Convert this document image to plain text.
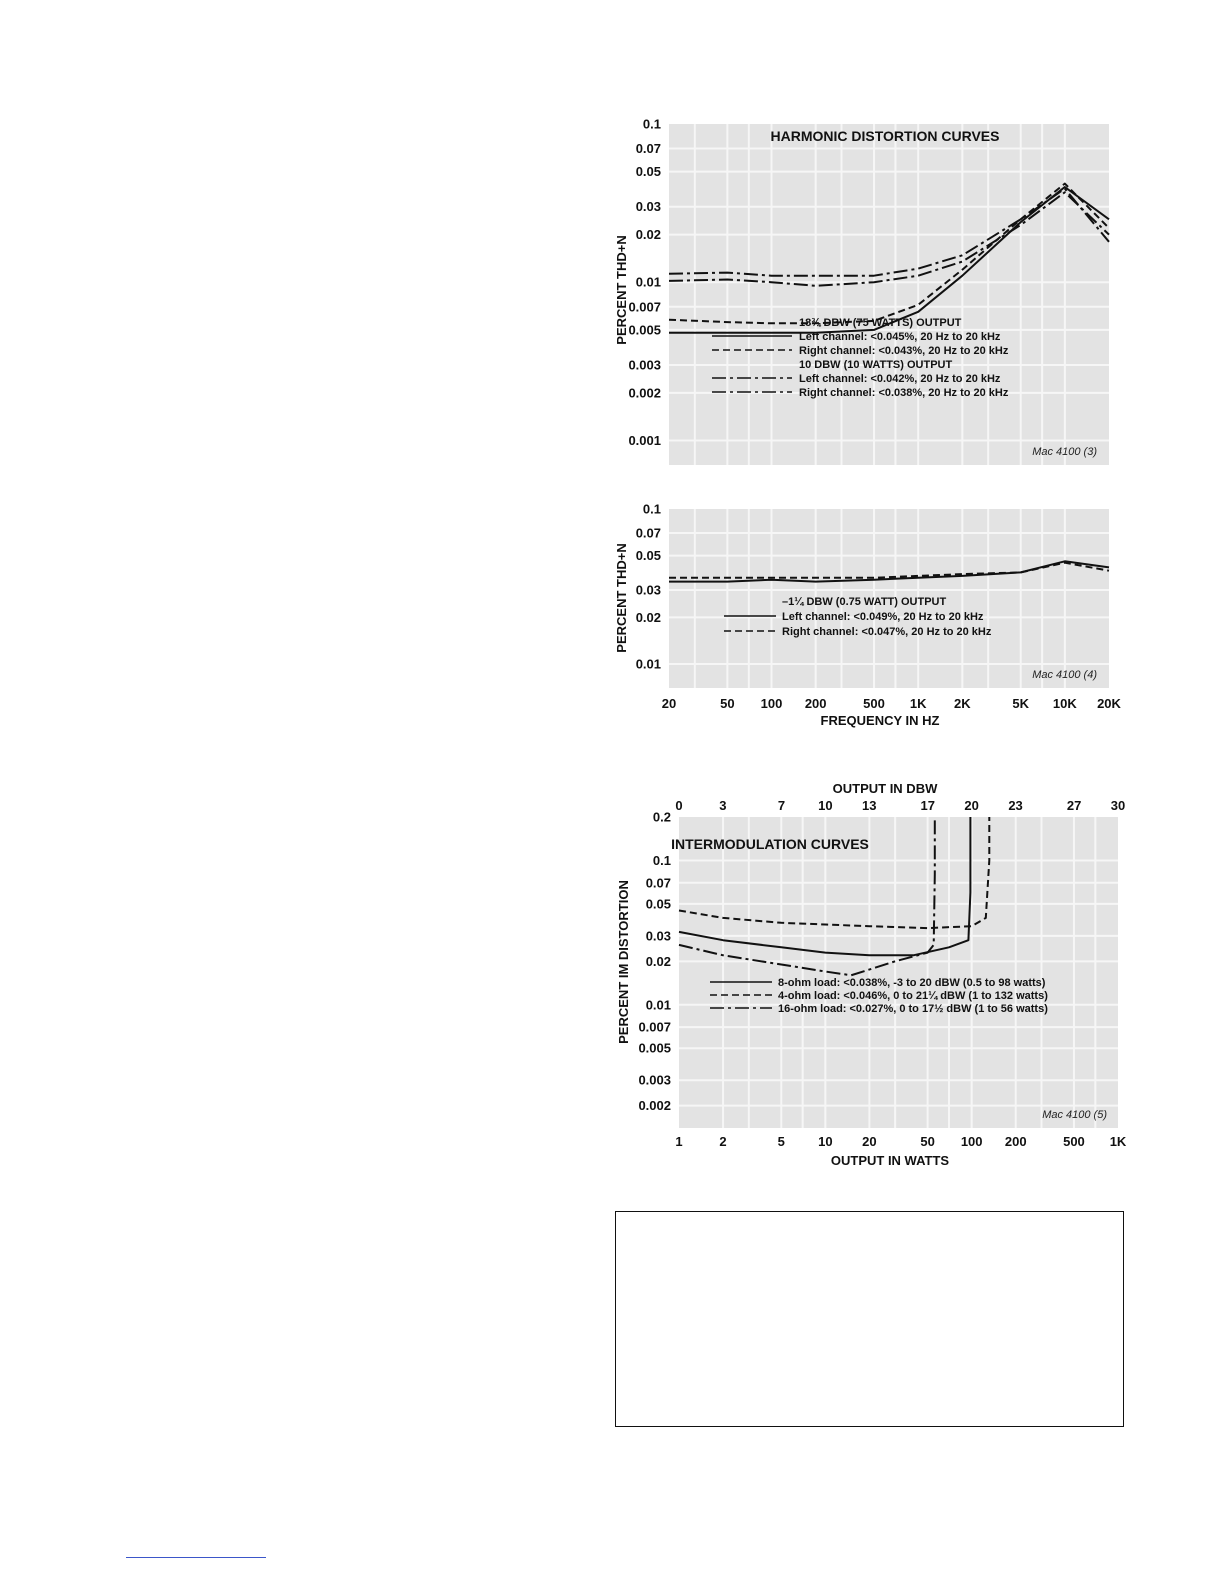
0.1
0.07
0.05
0.03
0.02
0.01
0.007
0.005
0.003
0.002
0.001
PERCENT THD+N
HARMONIC DISTORTION CURVES
Mac 4100 (3)
18¾ DBW (75 WATTS) OUTPUT
Left channel: <0.045%, 20 Hz to 20 kHz
Right channel: <0.043%, 20 Hz to 20 kHz
10 DBW (10 WATTS) OUTPUT
Left channel: <0.042%, 20 Hz to 20 kHz
Right channel: <0.038%, 20 Hz to 20 kHz
0.1
0.07
0.05
0.03
0.02
0.01
20	50 100 200	500 1K 2K	5K 10K 20K
PERCENT THD+N
FREQUENCY IN HZ
Mac 4100 (4)
–1¼ DBW (0.75 WATT) OUTPUT
Left channel: <0.049%, 20 Hz to 20 kHz
Right channel: <0.047%, 20 Hz to 20 kHz
0.2
0.1
0.07
0.05
0.03
0.02
0.01
0.007
0.005
0.003
0.002
1	2	5	10 20	50 100 200	500 1K
0	3	7	10 13	17 20 23	27 30
OUTPUT IN DBW
PERCENT IM DISTORTION
OUTPUT IN WATTS
INTERMODULATION CURVES
Mac 4100 (5)
8-ohm load: <0.038%, -3 to 20 dBW (0.5 to 98 watts)
4-ohm load: <0.046%, 0 to 21¼ dBW (1 to 132 watts)
16-ohm load: <0.027%, 0 to 17½ dBW (1 to 56 watts)
